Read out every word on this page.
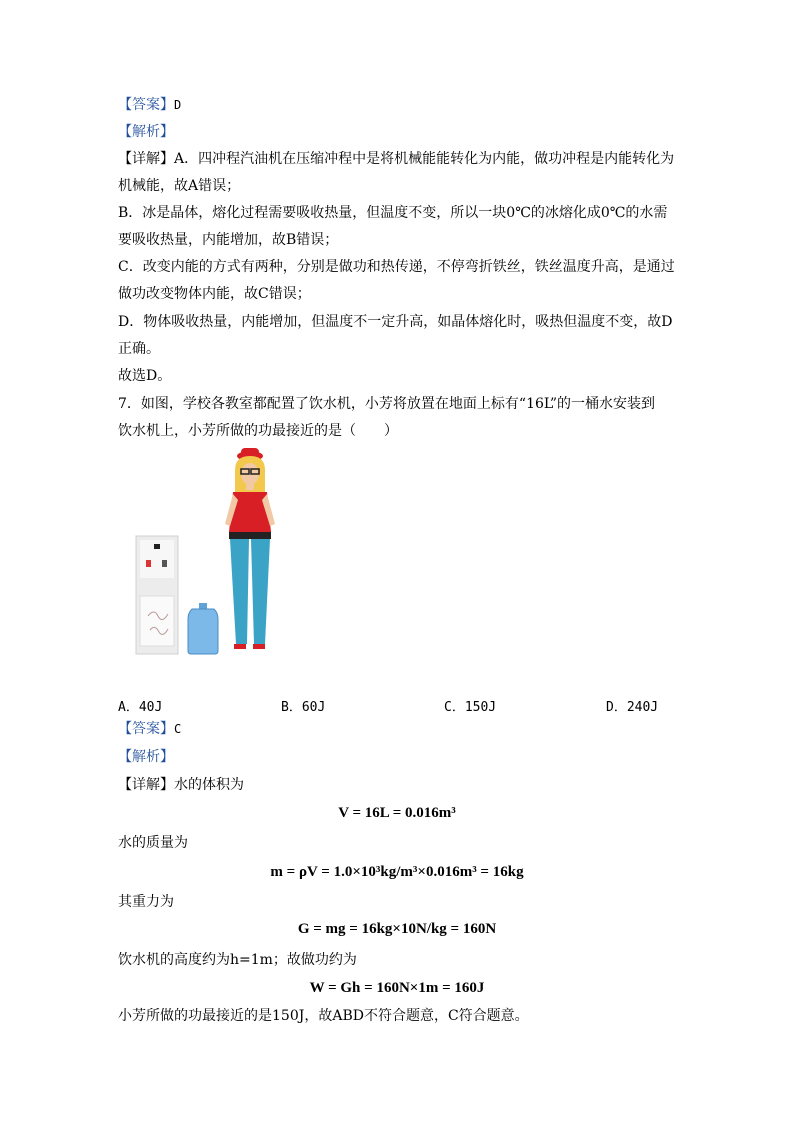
【答案】D
【解析】
【详解】A．四冲程汽油机在压缩冲程中是将机械能能转化为内能，做功冲程是内能转化为
机械能，故A错误；
B．冰是晶体，熔化过程需要吸收热量，但温度不变，所以一块0℃的冰熔化成0℃的水需
要吸收热量，内能增加，故B错误；
C．改变内能的方式有两种，分别是做功和热传递，不停弯折铁丝，铁丝温度升高，是通过
做功改变物体内能，故C错误；
D．物体吸收热量，内能增加，但温度不一定升高，如晶体熔化时，吸热但温度不变，故D
正确。
故选D。
7．如图，学校各教室都配置了饮水机，小芳将放置在地面上标有“16L”的一桶水安装到
饮水机上，小芳所做的功最接近的是（　　）
A．40J	B．60J	C．150J	D．240J
【答案】C
【解析】
【详解】水的体积为
V = 16L = 0.016m³
水的质量为
m = ρV = 1.0×10³kg/m³×0.016m³ = 16kg
其重力为
G = mg = 16kg×10N/kg = 160N
饮水机的高度约为h=1m；故做功约为
W = Gh = 160N×1m = 160J
小芳所做的功最接近的是150J，故ABD不符合题意，C符合题意。
